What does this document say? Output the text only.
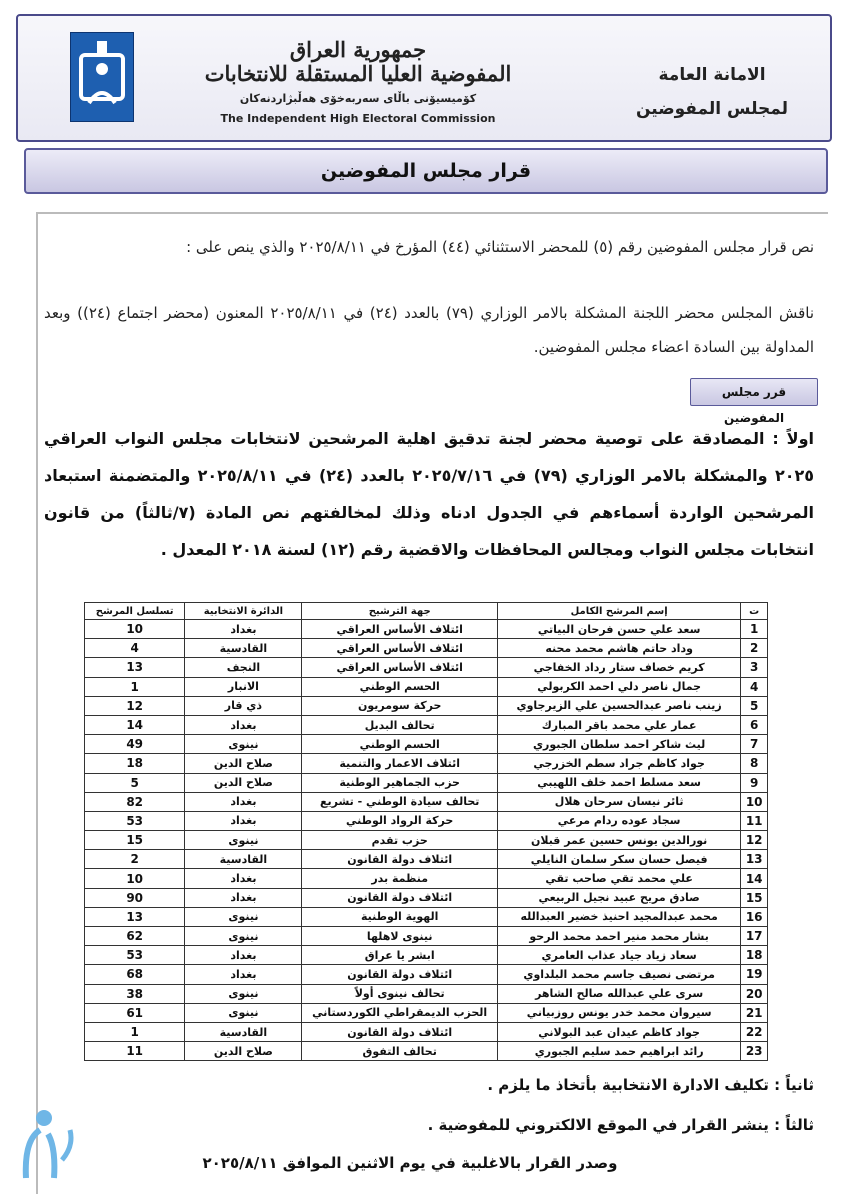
جمهورية العراق
المفوضية العليا المستقلة للانتخابات
كۆمیسیۆنی باڵای سەربەخۆی هەڵبژاردنەکان
The Independent High Electoral Commission
الامانة العامة
لمجلس المفوضين
قرار مجلس المفوضين
نص قرار مجلس المفوضين رقم (٥) للمحضر الاستثنائي (٤٤) المؤرخ في ٢٠٢٥/٨/١١ والذي ينص على :
ناقش المجلس محضر اللجنة المشكلة بالامر الوزاري (٧٩) بالعدد (٢٤) في ٢٠٢٥/٨/١١ المعنون (محضر اجتماع (٢٤)) وبعد المداولة بين السادة اعضاء مجلس المفوضين.
قرر مجلس المفوضين
اولاً : المصادقة على توصية محضر لجنة تدقيق اهلية المرشحين لانتخابات مجلس النواب العراقي ٢٠٢٥ والمشكلة بالامر الوزاري (٧٩) في ٢٠٢٥/٧/١٦ بالعدد (٢٤) في ٢٠٢٥/٨/١١ والمتضمنة استبعاد المرشحين الواردة أسماءهم في الجدول ادناه وذلك لمخالفتهم نص المادة (٧/ثالثاً) من قانون انتخابات مجلس النواب ومجالس المحافظات والاقضية رقم (١٢) لسنة ٢٠١٨ المعدل .
ت	إسم المرشح الكامل	جهة الترشيح	الدائرة الانتخابية	تسلسل المرشح
1	سعد علي حسن فرحان البياتي	ائتلاف الأساس العراقي	بغداد	10
2	وداد حاتم هاشم محمد محنه	ائتلاف الأساس العراقي	القادسية	4
3	كريم خصاف ستار رداد الخفاجي	ائتلاف الأساس العراقي	النجف	13
4	جمال ناصر دلي احمد الكربولي	الحسم الوطني	الانبار	1
5	زينب ناصر عبدالحسين علي الزيرجاوي	حركة سومريون	ذي قار	12
6	عمار علي محمد باقر المبارك	تحالف البديل	بغداد	14
7	ليث شاكر احمد سلطان الجبوري	الحسم الوطني	نينوى	49
8	جواد كاظم جراد سطم الخزرجي	ائتلاف الاعمار والتنمية	صلاح الدين	18
9	سعد مسلط احمد خلف اللهيبي	حزب الجماهير الوطنية	صلاح الدين	5
10	ثائر نيسان سرحان هلال	تحالف سيادة الوطني - تشريع	بغداد	82
11	سجاد عوده ردام مرعي	حركة الرواد الوطني	بغداد	53
12	نورالدين يونس حسين عمر قبلان	حزب تقدم	نينوى	15
13	فيصل حسان سكر سلمان النايلي	ائتلاف دولة القانون	القادسية	2
14	علي محمد تقي صاحب تقي	منظمة بدر	بغداد	10
15	صادق مريح عبيد نجيل الربيعي	ائتلاف دولة القانون	بغداد	90
16	محمد عبدالمجيد احنيذ خضير العبدالله	الهوية الوطنية	نينوى	13
17	بشار محمد منير احمد محمد الرحو	نينوى لاهلها	نينوى	62
18	سعاد زياد جياد عذاب العامري	ابشر يا عراق	بغداد	53
19	مرتضى نصيف جاسم محمد البلداوي	ائتلاف دولة القانون	بغداد	68
20	سرى علي عبدالله صالح الشاهر	تحالف نينوى أولاً	نينوى	38
21	سيروان محمد خدر يونس روزبياني	الحزب الديمقراطي الكوردستاني	نينوى	61
22	جواد كاظم عيدان عبد البولاني	ائتلاف دولة القانون	القادسية	1
23	رائد ابراهيم حمد سليم الجبوري	تحالف التفوق	صلاح الدين	11
ثانياً : تكليف الادارة الانتخابية بأتخاذ ما يلزم .
ثالثاً : ينشر القرار في الموقع الالكتروني للمفوضية .
وصدر القرار بالاغلبية في يوم الاثنين الموافق ٢٠٢٥/٨/١١
